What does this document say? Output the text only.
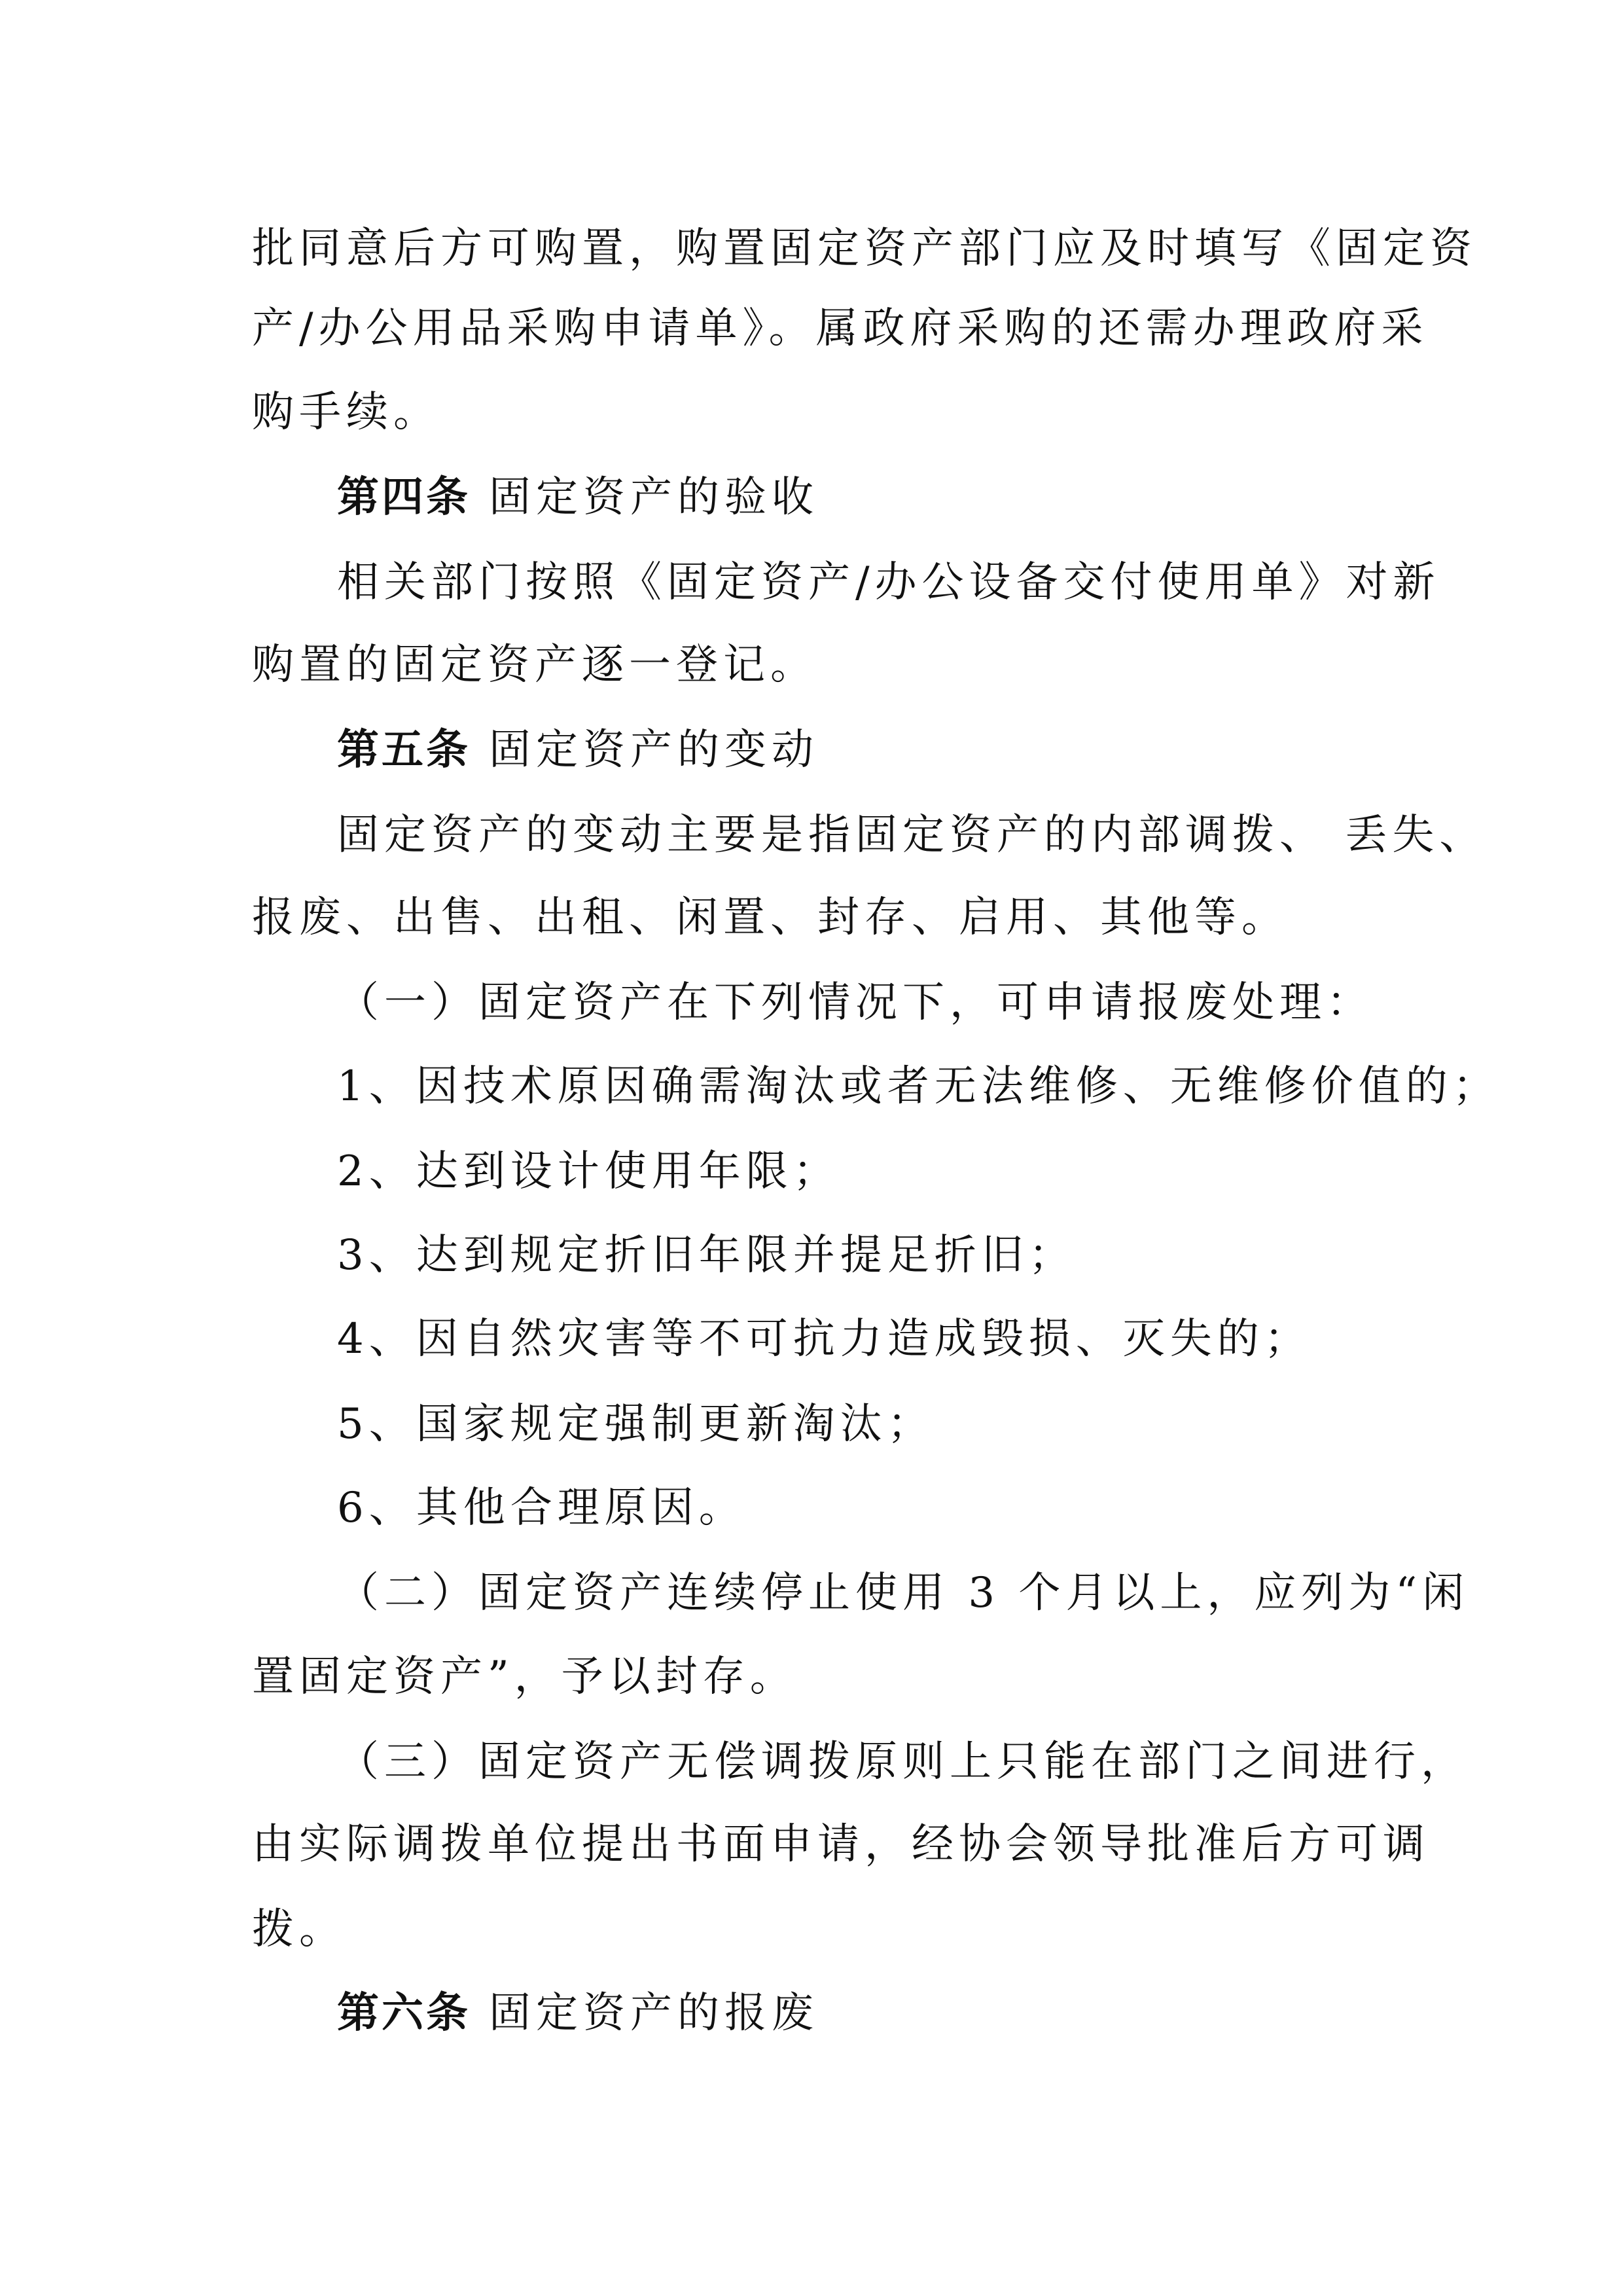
批同意后方可购置，购置固定资产部门应及时填写《固定资
产/办公用品采购申请单》。属政府采购的还需办理政府采
购手续。
第四条 固定资产的验收
相关部门按照《固定资产/办公设备交付使用单》对新
购置的固定资产逐一登记。
第五条 固定资产的变动
固定资产的变动主要是指固定资产的内部调拨、 丢失、
报废、出售、出租、闲置、封存、启用、其他等。
（一）固定资产在下列情况下，可申请报废处理：
1、因技术原因确需淘汰或者无法维修、无维修价值的；
2、达到设计使用年限；
3、达到规定折旧年限并提足折旧；
4、因自然灾害等不可抗力造成毁损、灭失的；
5、国家规定强制更新淘汰；
6、其他合理原因。
（二）固定资产连续停止使用 3 个月以上，应列为“闲
置固定资产”，予以封存。
（三）固定资产无偿调拨原则上只能在部门之间进行，
由实际调拨单位提出书面申请，经协会领导批准后方可调
拨。
第六条 固定资产的报废
